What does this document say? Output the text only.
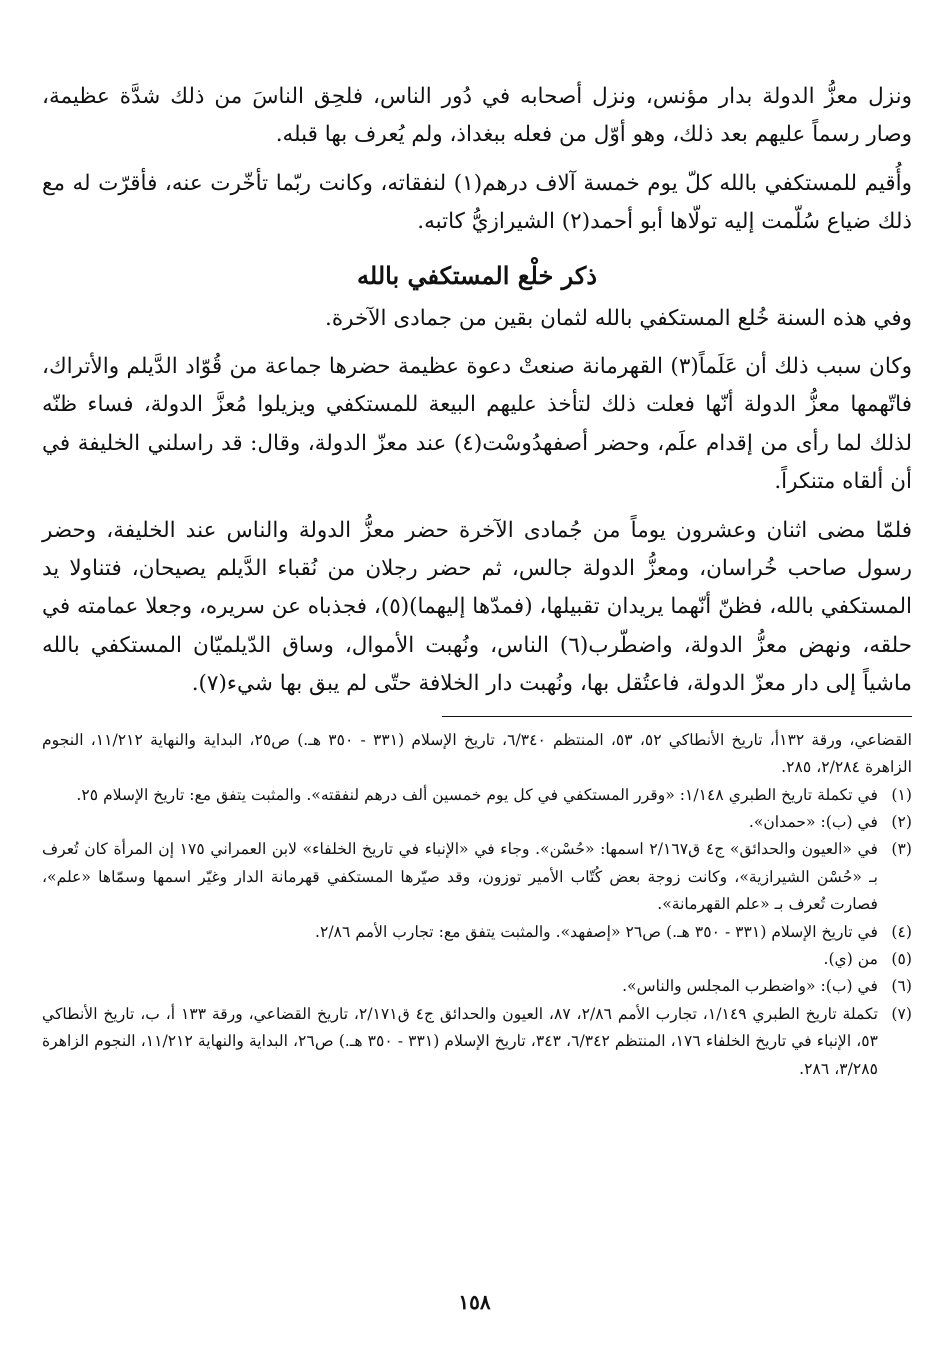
ونزل معزُّ الدولة بدار مؤنس، ونزل أصحابه في دُور الناس، فلحِق الناسَ من ذلك شدَّة عظيمة، وصار رسماً عليهم بعد ذلك، وهو أوّل من فعله ببغداذ، ولم يُعرف بها قبله.

وأُقيم للمستكفي بالله كلّ يوم خمسة آلاف درهم(١) لنفقاته، وكانت ربّما تأخّرت عنه، فأقرّت له مع ذلك ضياع سُلّمت إليه تولّاها أبو أحمد(٢) الشيرازيُّ كاتبه.

ذكر خلْع المستكفي بالله

وفي هذه السنة خُلع المستكفي بالله لثمان بقين من جمادى الآخرة.

وكان سبب ذلك أن عَلَماً(٣) القهرمانة صنعتْ دعوة عظيمة حضرها جماعة من قُوّاد الدَّيلم والأتراك، فاتّهمها معزُّ الدولة أنّها فعلت ذلك لتأخذ عليهم البيعة للمستكفي ويزيلوا مُعزَّ الدولة، فساء ظنّه لذلك لما رأى من إقدام علَم، وحضر أصفهدُوسْت(٤) عند معزّ الدولة، وقال: قد راسلني الخليفة في أن ألقاه متنكراً.

فلمّا مضى اثنان وعشرون يوماً من جُمادى الآخرة حضر معزُّ الدولة والناس عند الخليفة، وحضر رسول صاحب خُراسان، ومعزُّ الدولة جالس، ثم حضر رجلان من نُقباء الدَّيلم يصيحان، فتناولا يد المستكفي بالله، فظنّ أنّهما يريدان تقبيلها، (فمدّها إليهما)(٥)، فجذباه عن سريره، وجعلا عمامته في حلقه، ونهض معزُّ الدولة، واضطّرب(٦) الناس، ونُهبت الأموال، وساق الدّيلميّان المستكفي بالله ماشياً إلى دار معزّ الدولة، فاعتُقل بها، ونُهبت دار الخلافة حتّى لم يبق بها شيء(٧).

القضاعي، ورقة ١٣٢أ، تاريخ الأنطاكي ٥٢، ٥٣، المنتظم ٦/٣٤٠، تاريخ الإسلام (٣٣١ - ٣٥٠ هـ.) ص٢٥، البداية والنهاية ١١/٢١٢، النجوم الزاهرة ٢/٢٨٤، ٢٨٥.

(١)
في تكملة تاريخ الطبري ١/١٤٨: «وقرر المستكفي في كل يوم خمسين ألف درهم لنفقته». والمثبت يتفق مع: تاريخ الإسلام ٢٥.
(٢)
في (ب): «حمدان».
(٣)
في «العيون والحدائق» ج٤ ق٢/١٦٧ اسمها: «حُسْن». وجاء في «الإنباء في تاريخ الخلفاء» لابن العمراني ١٧٥ إن المرأة كان تُعرف بـ «حُسْن الشيرازية»، وكانت زوجة بعض كُتّاب الأمير توزون، وقد صيّرها المستكفي قهرمانة الدار وغيّر اسمها وسمّاها «علم»، فصارت تُعرف بـ «علم القهرمانة».
(٤)
في تاريخ الإسلام (٣٣١ - ٣٥٠ هـ.) ص٢٦ «إصفهد». والمثبت يتفق مع: تجارب الأمم ٢/٨٦.
(٥)
من (ي).
(٦)
في (ب): «واضطرب المجلس والناس».
(٧)
تكملة تاريخ الطبري ١/١٤٩، تجارب الأمم ٢/٨٦، ٨٧، العيون والحدائق ج٤ ق٢/١٧١، تاريخ القضاعي، ورقة ١٣٣ أ، ب، تاريخ الأنطاكي ٥٣، الإنباء في تاريخ الخلفاء ١٧٦، المنتظم ٦/٣٤٢، ٣٤٣، تاريخ الإسلام (٣٣١ - ٣٥٠ هـ.) ص٢٦، البداية والنهاية ١١/٢١٢، النجوم الزاهرة ٣/٢٨٥، ٢٨٦.
١٥٨
